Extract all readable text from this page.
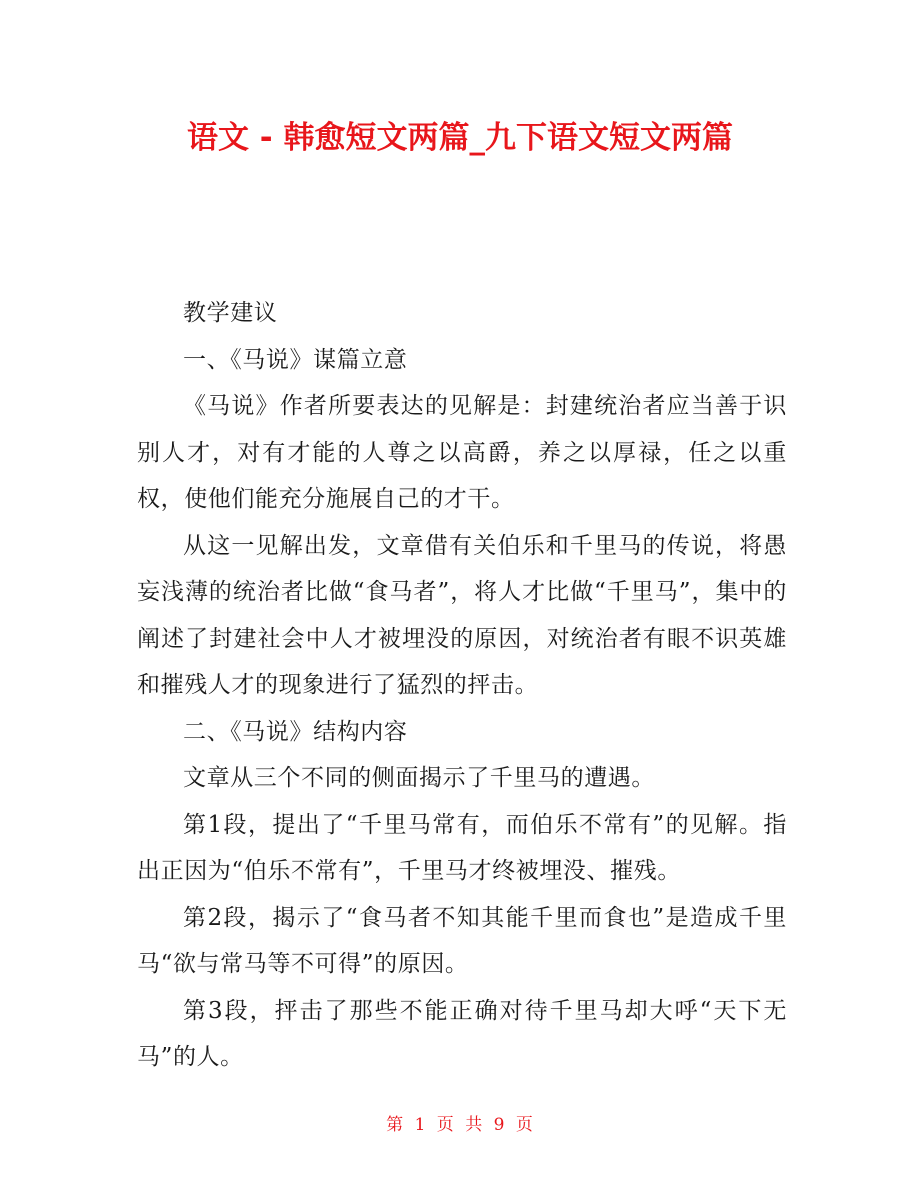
语文 - 韩愈短文两篇_九下语文短文两篇

教学建议

一、《马说》谋篇立意

《马说》作者所要表达的见解是：封建统治者应当善于识别人才，对有才能的人尊之以高爵，养之以厚禄，任之以重权，使他们能充分施展自己的才干。

从这一见解出发，文章借有关伯乐和千里马的传说，将愚妄浅薄的统治者比做“食马者”，将人才比做“千里马”，集中的阐述了封建社会中人才被埋没的原因，对统治者有眼不识英雄和摧残人才的现象进行了猛烈的抨击。

二、《马说》结构内容

文章从三个不同的侧面揭示了千里马的遭遇。

第1段，提出了“千里马常有，而伯乐不常有”的见解。指出正因为“伯乐不常有”，千里马才终被埋没、摧残。

第2段，揭示了“食马者不知其能千里而食也”是造成千里马“欲与常马等不可得”的原因。

第3段，抨击了那些不能正确对待千里马却大呼“天下无马”的人。

第 1 页 共 9 页
